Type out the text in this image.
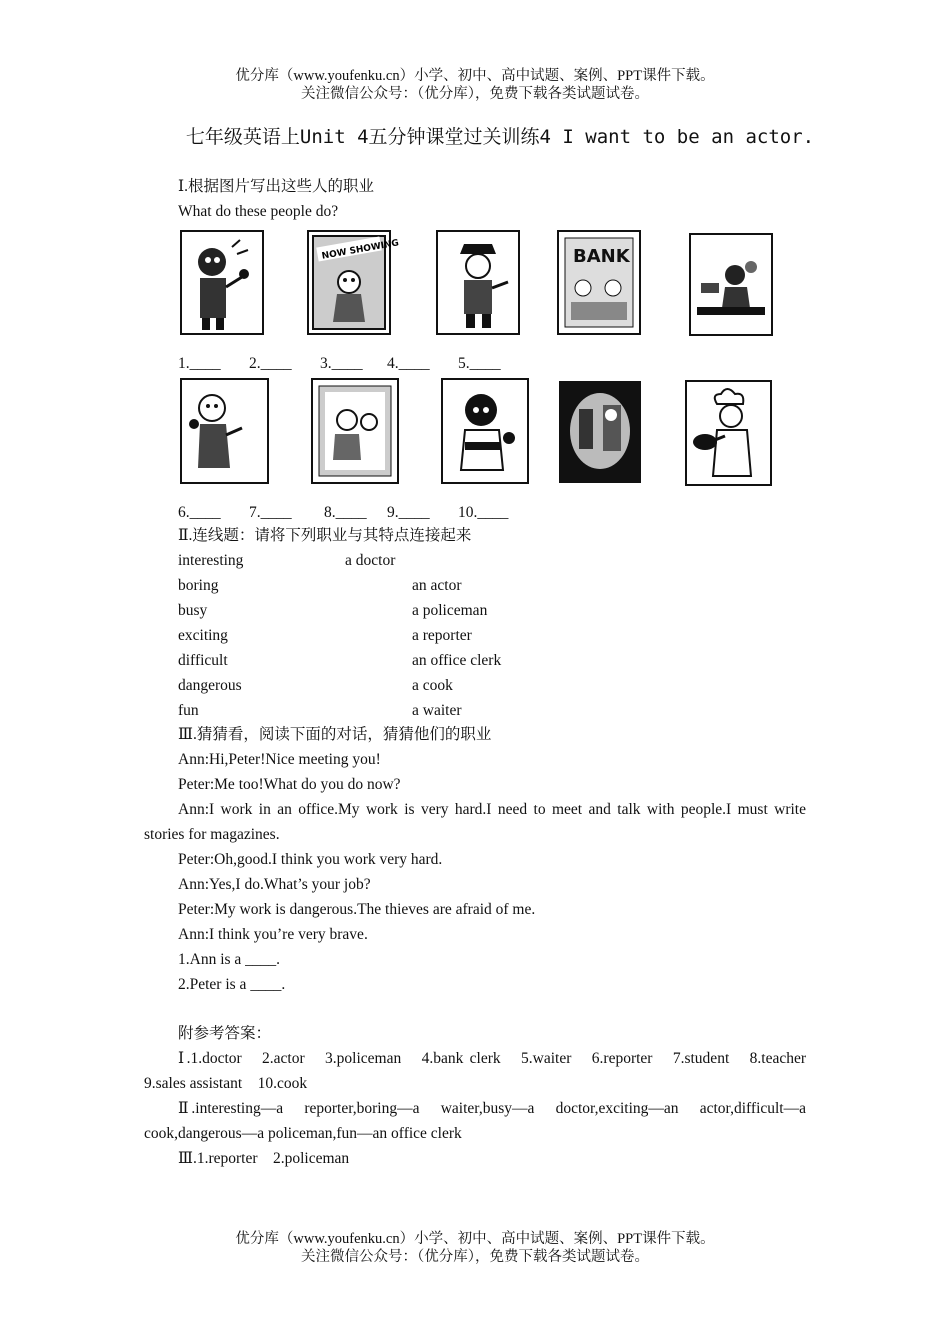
优分库（www.youfenku.cn）小学、初中、高中试题、案例、PPT课件下载。
关注微信公众号：（优分库），免费下载各类试题试卷。
七年级英语上Unit 4五分钟课堂过关训练4 I want to be an actor.
Ⅰ.根据图片写出这些人的职业
What do these people do?
NOW SHOWING	BANK
1.____ 2.____ 3.____ 4.____ 5.____
6.____ 7.____ 8.____ 9.____ 10.____
Ⅱ.连线题：请将下列职业与其特点连接起来
interesting	a doctor
boring	an actor
busy	a policeman
exciting	a reporter
difficult	an office clerk
dangerous	a cook
fun	a waiter
Ⅲ.猜猜看，阅读下面的对话，猜猜他们的职业
Ann:Hi,Peter!Nice meeting you!
Peter:Me too!What do you do now?
Ann:I work in an office.My work is very hard.I need to meet and talk with people.I must write stories for magazines.
Peter:Oh,good.I think you work very hard.
Ann:Yes,I do.What’s your job?
Peter:My work is dangerous.The thieves are afraid of me.
Ann:I think you’re very brave.
1.Ann is a ____.
2.Peter is a ____.
附参考答案：
Ⅰ.1.doctor　2.actor　3.policeman　4.bank clerk　5.waiter　6.reporter　7.student　8.teacher　9.sales assistant　10.cook
Ⅱ.interesting—a　reporter,boring—a　waiter,busy—a　doctor,exciting—an　actor,difficult—a cook,dangerous—a policeman,fun—an office clerk
Ⅲ.1.reporter　2.policeman
优分库（www.youfenku.cn）小学、初中、高中试题、案例、PPT课件下载。
关注微信公众号：（优分库），免费下载各类试题试卷。
